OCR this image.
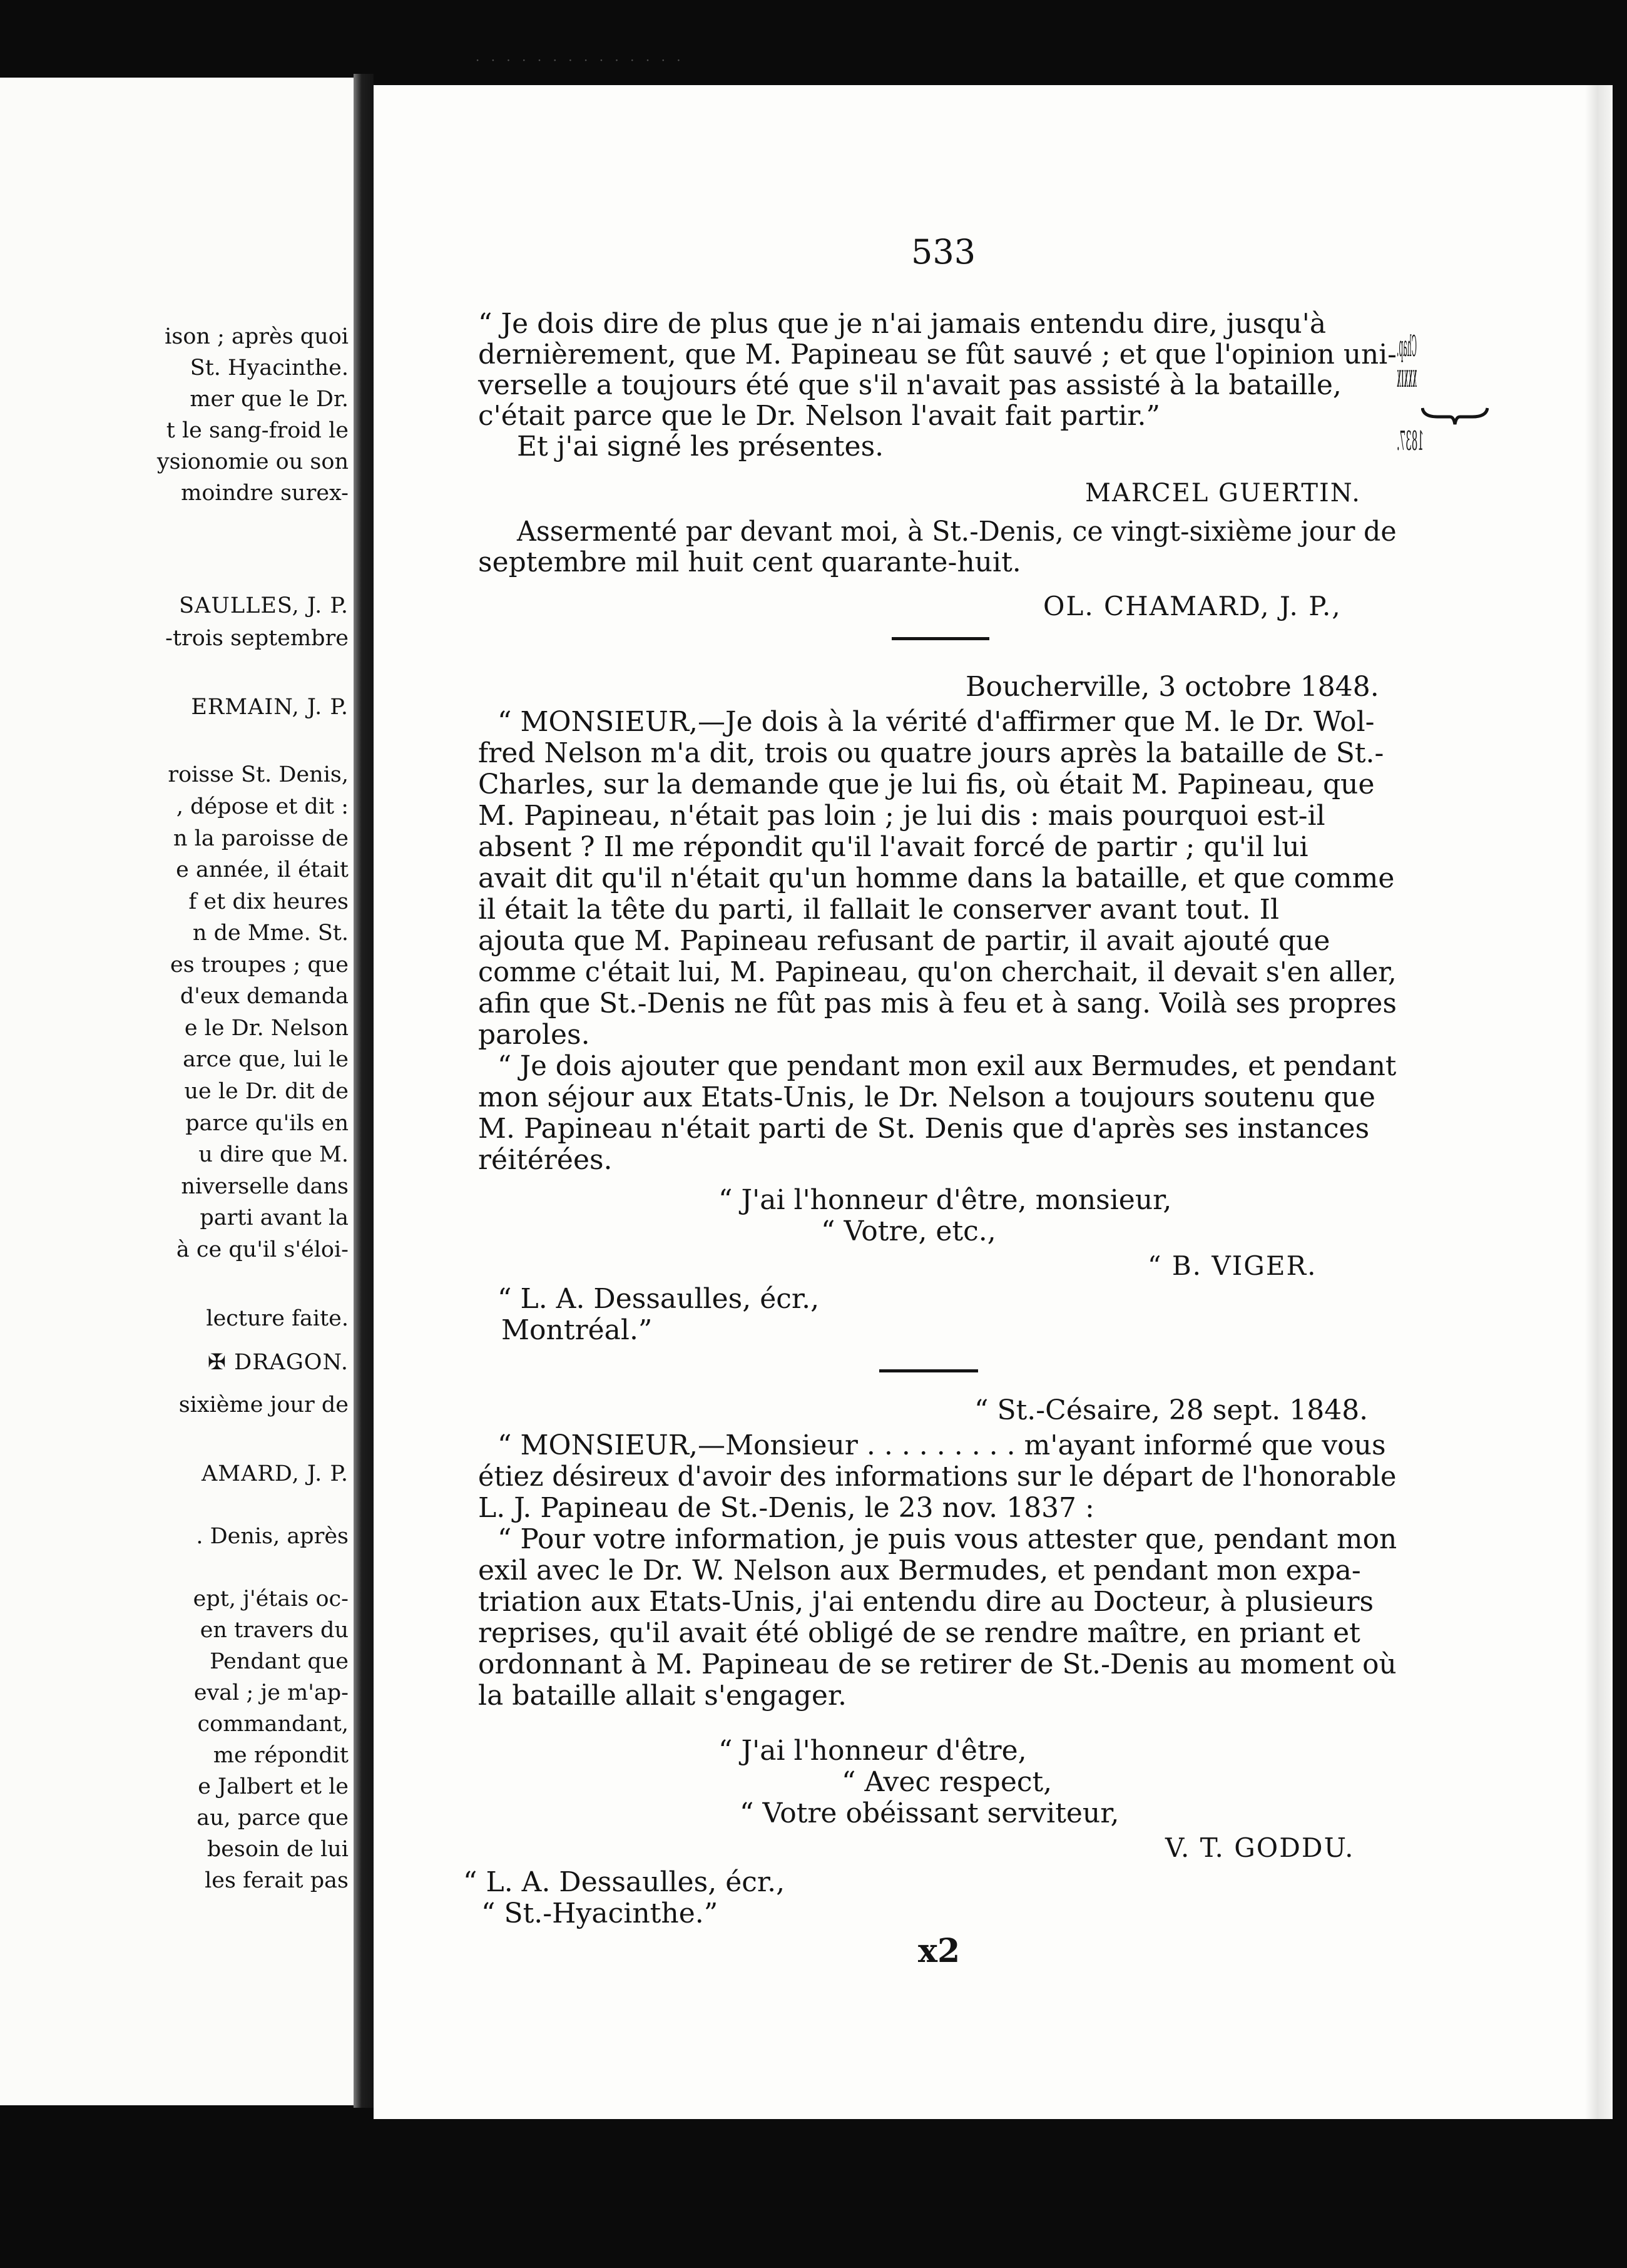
· · · · · · · · · · · · · ·
ison ; après quoi
St. Hyacinthe.
mer que le Dr.
t le sang-froid le
ysionomie ou son
moindre surex-
SAULLES, J. P.
-trois septembre
ERMAIN, J. P.
roisse St. Denis,
, dépose et dit :
n la paroisse de
e année, il était
f et dix heures
n de Mme. St.
es troupes ; que
d'eux demanda
e le Dr. Nelson
arce que, lui le
ue le Dr. dit de
parce qu'ils en
u dire que M.
niverselle dans
parti avant la
à ce qu'il s'éloi-
lecture faite.
✠ DRAGON.
sixième jour de
AMARD, J. P.
. Denis, après
ept, j'étais oc-
en travers du
Pendant que
eval ; je m'ap-
commandant,
me répondit
e Jalbert et le
au, parce que
besoin de lui
les ferait pas
533
Chap.
XXXIX
1837.
“ Je dois dire de plus que je n'ai jamais entendu dire, jusqu'à
dernièrement, que M. Papineau se fût sauvé ; et que l'opinion uni-
verselle a toujours été que s'il n'avait pas assisté à la bataille,
c'était parce que le Dr. Nelson l'avait fait partir.”
Et j'ai signé les présentes.
MARCEL GUERTIN.
Assermenté par devant moi, à St.-Denis, ce vingt-sixième jour de
septembre mil huit cent quarante-huit.
OL. CHAMARD, J. P.,
Boucherville, 3 octobre 1848.
“ MONSIEUR,—Je dois à la vérité d'affirmer que M. le Dr. Wol-
fred Nelson m'a dit, trois ou quatre jours après la bataille de St.-
Charles, sur la demande que je lui fis, où était M. Papineau, que
M. Papineau, n'était pas loin ; je lui dis : mais pourquoi est-il
absent ? Il me répondit qu'il l'avait forcé de partir ; qu'il lui
avait dit qu'il n'était qu'un homme dans la bataille, et que comme
il était la tête du parti, il fallait le conserver avant tout. Il
ajouta que M. Papineau refusant de partir, il avait ajouté que
comme c'était lui, M. Papineau, qu'on cherchait, il devait s'en aller,
afin que St.-Denis ne fût pas mis à feu et à sang. Voilà ses propres
paroles.
“ Je dois ajouter que pendant mon exil aux Bermudes, et pendant
mon séjour aux Etats-Unis, le Dr. Nelson a toujours soutenu que
M. Papineau n'était parti de St. Denis que d'après ses instances
réitérées.
“ J'ai l'honneur d'être, monsieur,
“ Votre, etc.,
“ B. VIGER.
“ L. A. Dessaulles, écr.,
Montréal.”
“ St.-Césaire, 28 sept. 1848.
“ MONSIEUR,—Monsieur . . . . . . . . . m'ayant informé que vous
étiez désireux d'avoir des informations sur le départ de l'honorable
L. J. Papineau de St.-Denis, le 23 nov. 1837 :
“ Pour votre information, je puis vous attester que, pendant mon
exil avec le Dr. W. Nelson aux Bermudes, et pendant mon expa-
triation aux Etats-Unis, j'ai entendu dire au Docteur, à plusieurs
reprises, qu'il avait été obligé de se rendre maître, en priant et
ordonnant à M. Papineau de se retirer de St.-Denis au moment où
la bataille allait s'engager.
“ J'ai l'honneur d'être,
“ Avec respect,
“ Votre obéissant serviteur,
V. T. GODDU.
“ L. A. Dessaulles, écr.,
“ St.-Hyacinthe.”
x2
